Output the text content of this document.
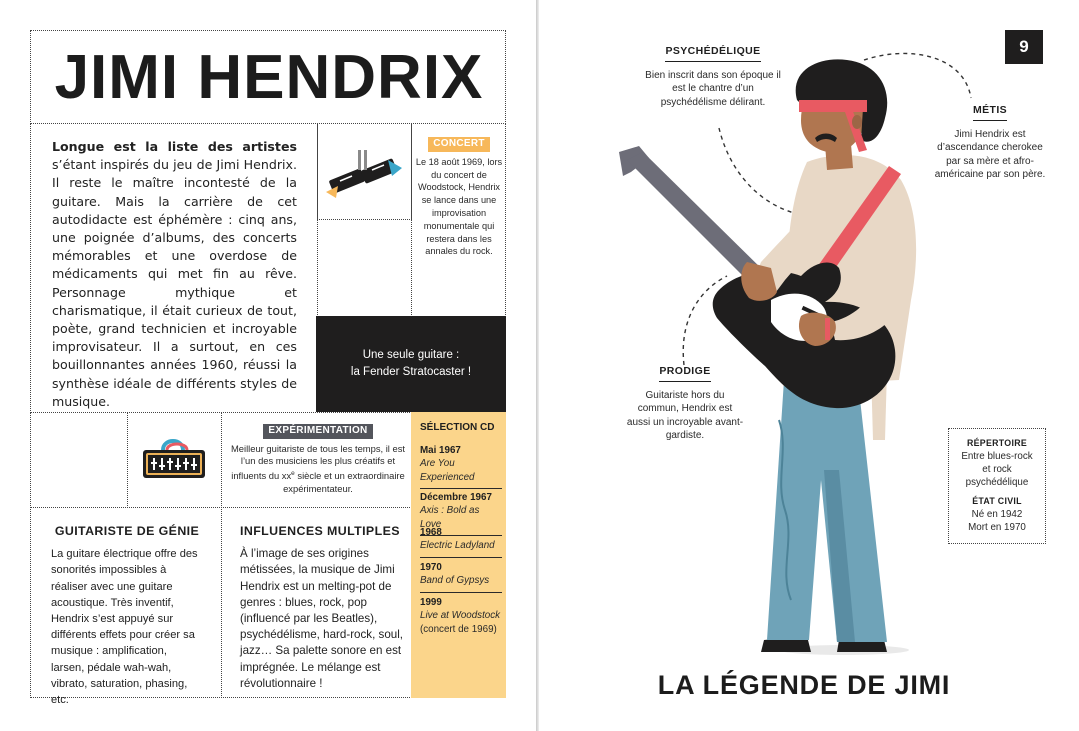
JIMI HENDRIX
Longue est la liste des artistes s’étant inspirés du jeu de Jimi Hendrix. Il reste le maître incontesté de la guitare. Mais la carrière de cet autodidacte est éphémère : cinq ans, une poignée d’albums, des concerts mémorables et une overdose de médicaments qui met fin au rêve. Personnage mythique et charismatique, il était curieux de tout, poète, grand technicien et incroyable improvisateur. Il a surtout, en ces bouillonnantes années 1960, réussi la synthèse idéale de différents styles de musique.
CONCERT
Le 18 août 1969, lors du concert de Woodstock, Hendrix se lance dans une improvisation monumentale qui restera dans les annales du rock.
Une seule guitare :
la Fender Stratocaster !
EXPÉRIMENTATION
Meilleur guitariste de tous les temps, il est l’un des musiciens les plus créatifs et influents du $xx^e$ siècle et un extraordinaire expérimentateur.
SÉLECTION CD
Mai 1967
Are You Experienced
Décembre 1967
Axis : Bold as Love
1968
Electric Ladyland
1970
Band of Gypsys
1999
Live at Woodstock
(concert de 1969)
GUITARISTE DE GÉNIE
La guitare électrique offre des sonorités impossibles à réaliser avec une guitare acoustique. Très inventif, Hendrix s’est appuyé sur différents effets pour créer sa musique : amplification, larsen, pédale wah-wah, vibrato, saturation, phasing, etc.
INFLUENCES MULTIPLES
À l’image de ses origines métissées, la musique de Jimi Hendrix est un melting-pot de genres : blues, rock, pop (influencé par les Beatles), psychédélisme, hard-rock, soul, jazz… Sa palette sonore en est imprégnée. Le mélange est révolutionnaire !
9
PSYCHÉDÉLIQUE
Bien inscrit dans son époque il est le chantre d’un psychédélisme délirant.
MÉTIS
Jimi Hendrix est d’ascendance cherokee par sa mère et afro-américaine par son père.
PRODIGE
Guitariste hors du commun, Hendrix est aussi un incroyable avant-gardiste.
RÉPERTOIRE
Entre blues-rock et rock psychédélique
ÉTAT CIVIL
Né en 1942
Mort en 1970
LA LÉGENDE DE JIMI
